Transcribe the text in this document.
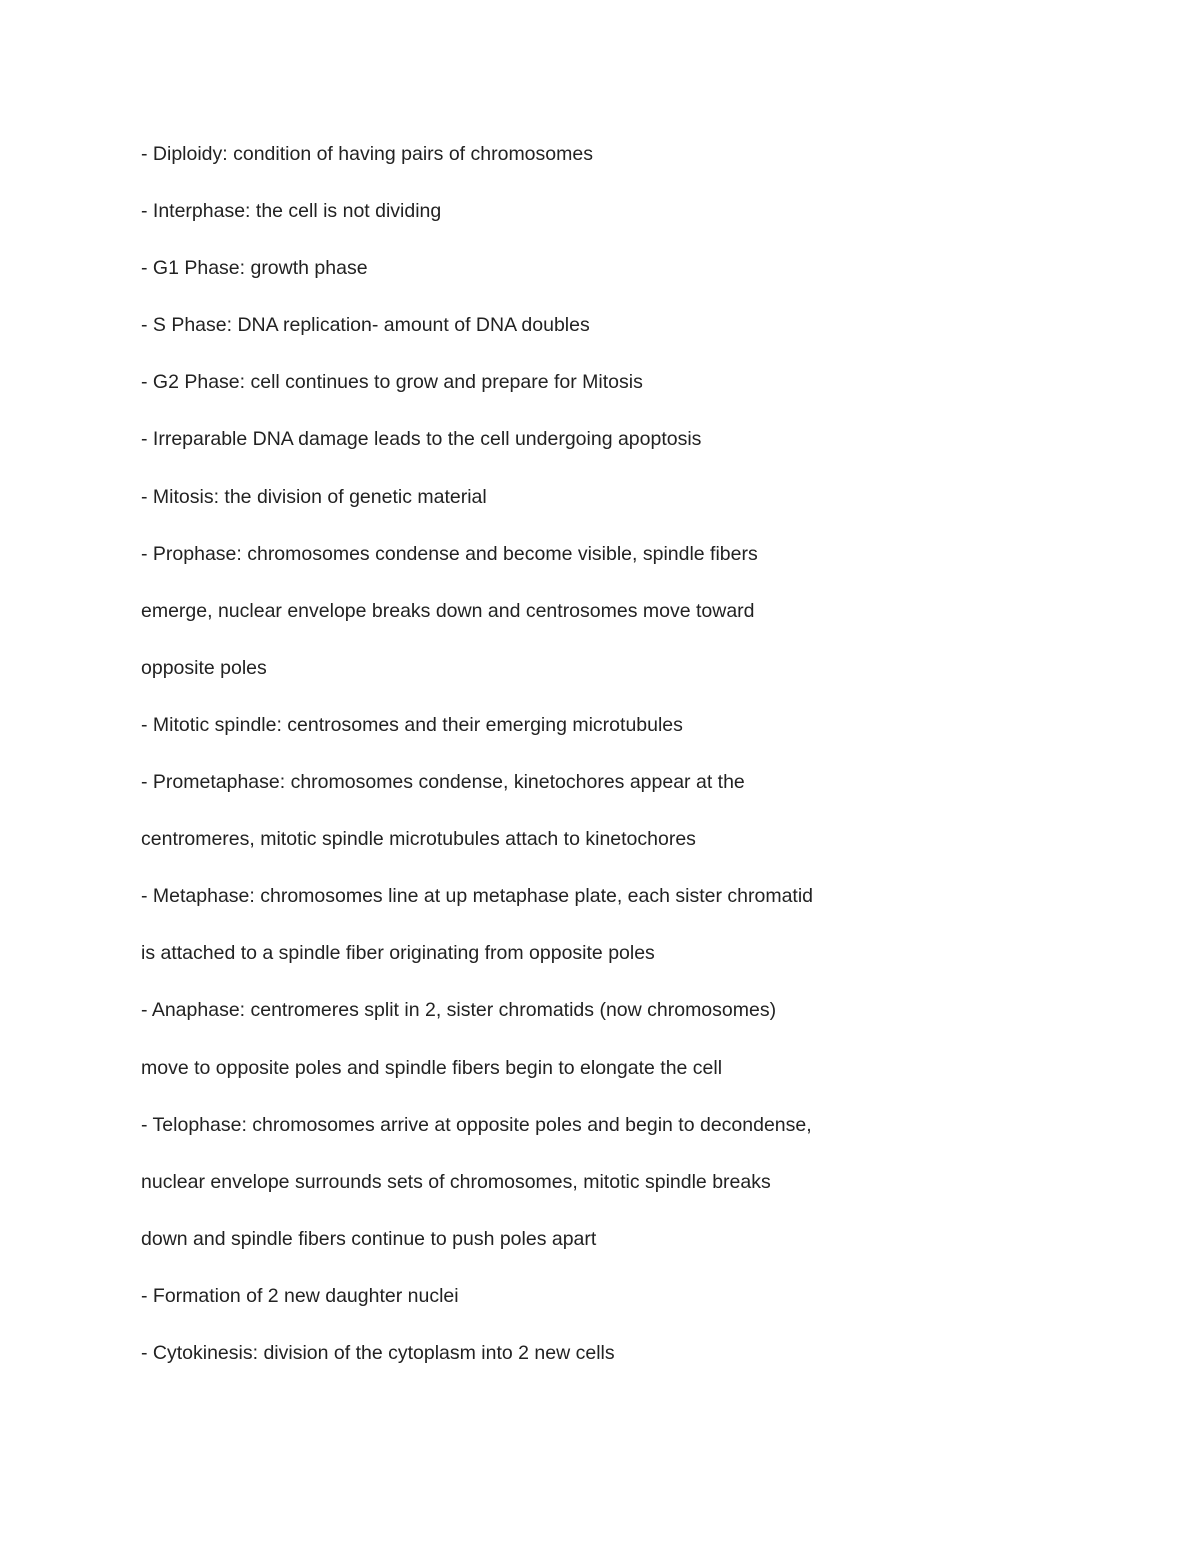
- Diploidy: condition of having pairs of chromosomes
- Interphase: the cell is not dividing
- G1 Phase: growth phase
- S Phase: DNA replication- amount of DNA doubles
- G2 Phase: cell continues to grow and prepare for Mitosis
- Irreparable DNA damage leads to the cell undergoing apoptosis
- Mitosis: the division of genetic material
- Prophase: chromosomes condense and become visible, spindle fibers
emerge, nuclear envelope breaks down and centrosomes move toward
opposite poles
- Mitotic spindle: centrosomes and their emerging microtubules
- Prometaphase: chromosomes condense, kinetochores appear at the
centromeres, mitotic spindle microtubules attach to kinetochores
- Metaphase: chromosomes line at up metaphase plate, each sister chromatid
is attached to a spindle fiber originating from opposite poles
- Anaphase: centromeres split in 2, sister chromatids (now chromosomes)
move to opposite poles and spindle fibers begin to elongate the cell
- Telophase: chromosomes arrive at opposite poles and begin to decondense,
nuclear envelope surrounds sets of chromosomes, mitotic spindle breaks
down and spindle fibers continue to push poles apart
- Formation of 2 new daughter nuclei
- Cytokinesis: division of the cytoplasm into 2 new cells
